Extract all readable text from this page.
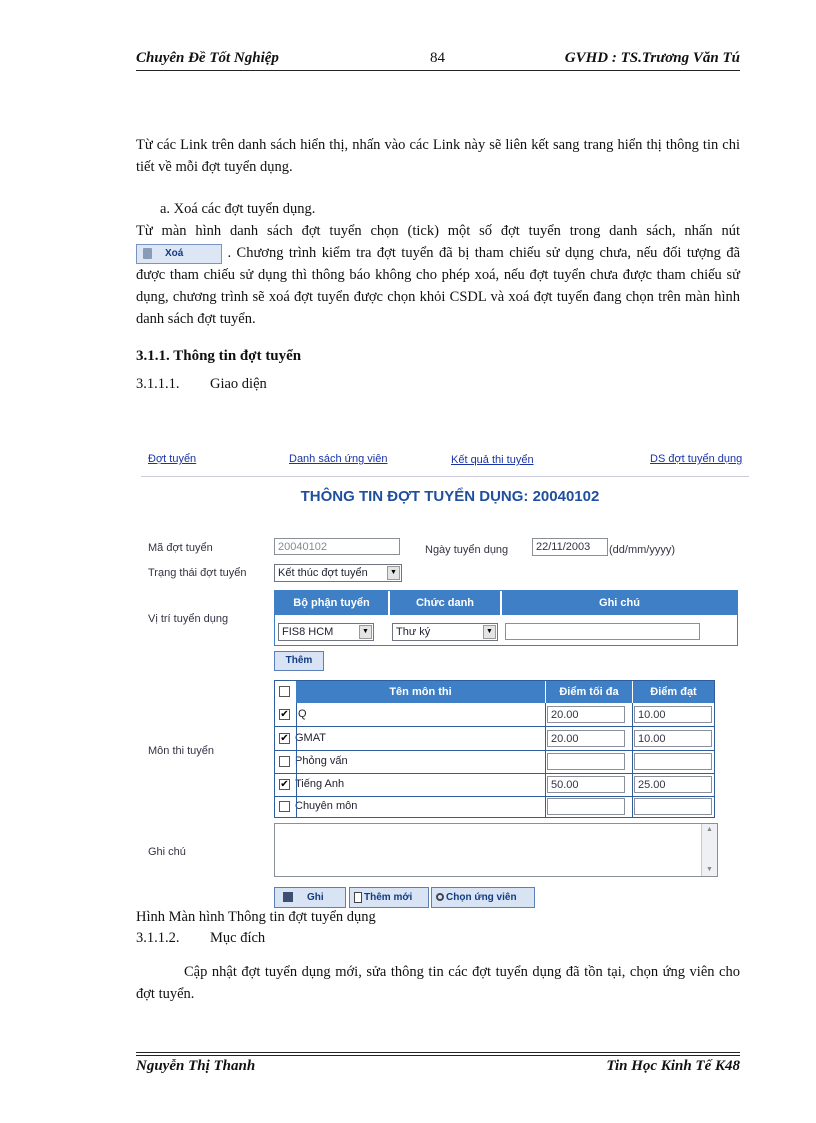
Chuyên Đề Tốt Nghiệp	84	GVHD : TS.Trương Văn Tú
Từ các Link trên danh sách hiển thị, nhấn vào các Link này sẽ liên kết sang trang hiển thị thông tin chi tiết về mỗi đợt tuyển dụng.
a. Xoá các đợt tuyển dụng.
Từ màn hình danh sách đợt tuyển chọn (tick) một số đợt tuyển trong danh sách, nhấn nút
Xoá	. Chương trình kiểm tra đợt tuyển đã bị tham chiếu sử dụng chưa, nếu đối tượng đã được tham chiếu sử dụng thì thông báo không cho phép xoá, nếu đợt tuyển chưa được tham chiếu sử dụng, chương trình sẽ xoá đợt tuyển được chọn khỏi CSDL và xoá đợt tuyển đang chọn trên màn hình danh sách đợt tuyển.
3.1.1. Thông tin đợt tuyển
3.1.1.1. Giao diện
Đợt tuyển	Danh sách ứng viên	Kết quả thi tuyển	DS đợt tuyển dụng
THÔNG TIN ĐỢT TUYỂN DỤNG: 20040102
Mã đợt tuyển	20040102	Ngày tuyển dụng	22/11/2003	(dd/mm/yyyy)
Trạng thái đợt tuyển	Kết thúc đợt tuyển	▼
Vị trí tuyển dụng
Bộ phận tuyển	Chức danh	Ghi chú
FIS8 HCM	▼	Thư ký	▼
Thêm
Môn thi tuyển
Tên môn thi	Điểm tối đa	Điểm đạt
✔ IQ	20.00	10.00
✔ GMAT	20.00	10.00
Phỏng vấn
✔ Tiếng Anh	50.00	25.00
Chuyên môn
Ghi chú
▲
▼
Ghi	Thêm mới	Chọn ứng viên
Hình Màn hình Thông tin đợt tuyển dụng
3.1.1.2. Mục đích
Cập nhật đợt tuyển dụng mới, sửa thông tin các đợt tuyển dụng đã tồn tại, chọn ứng viên cho đợt tuyển.
Nguyễn Thị Thanh	Tin Học Kinh Tế K48
